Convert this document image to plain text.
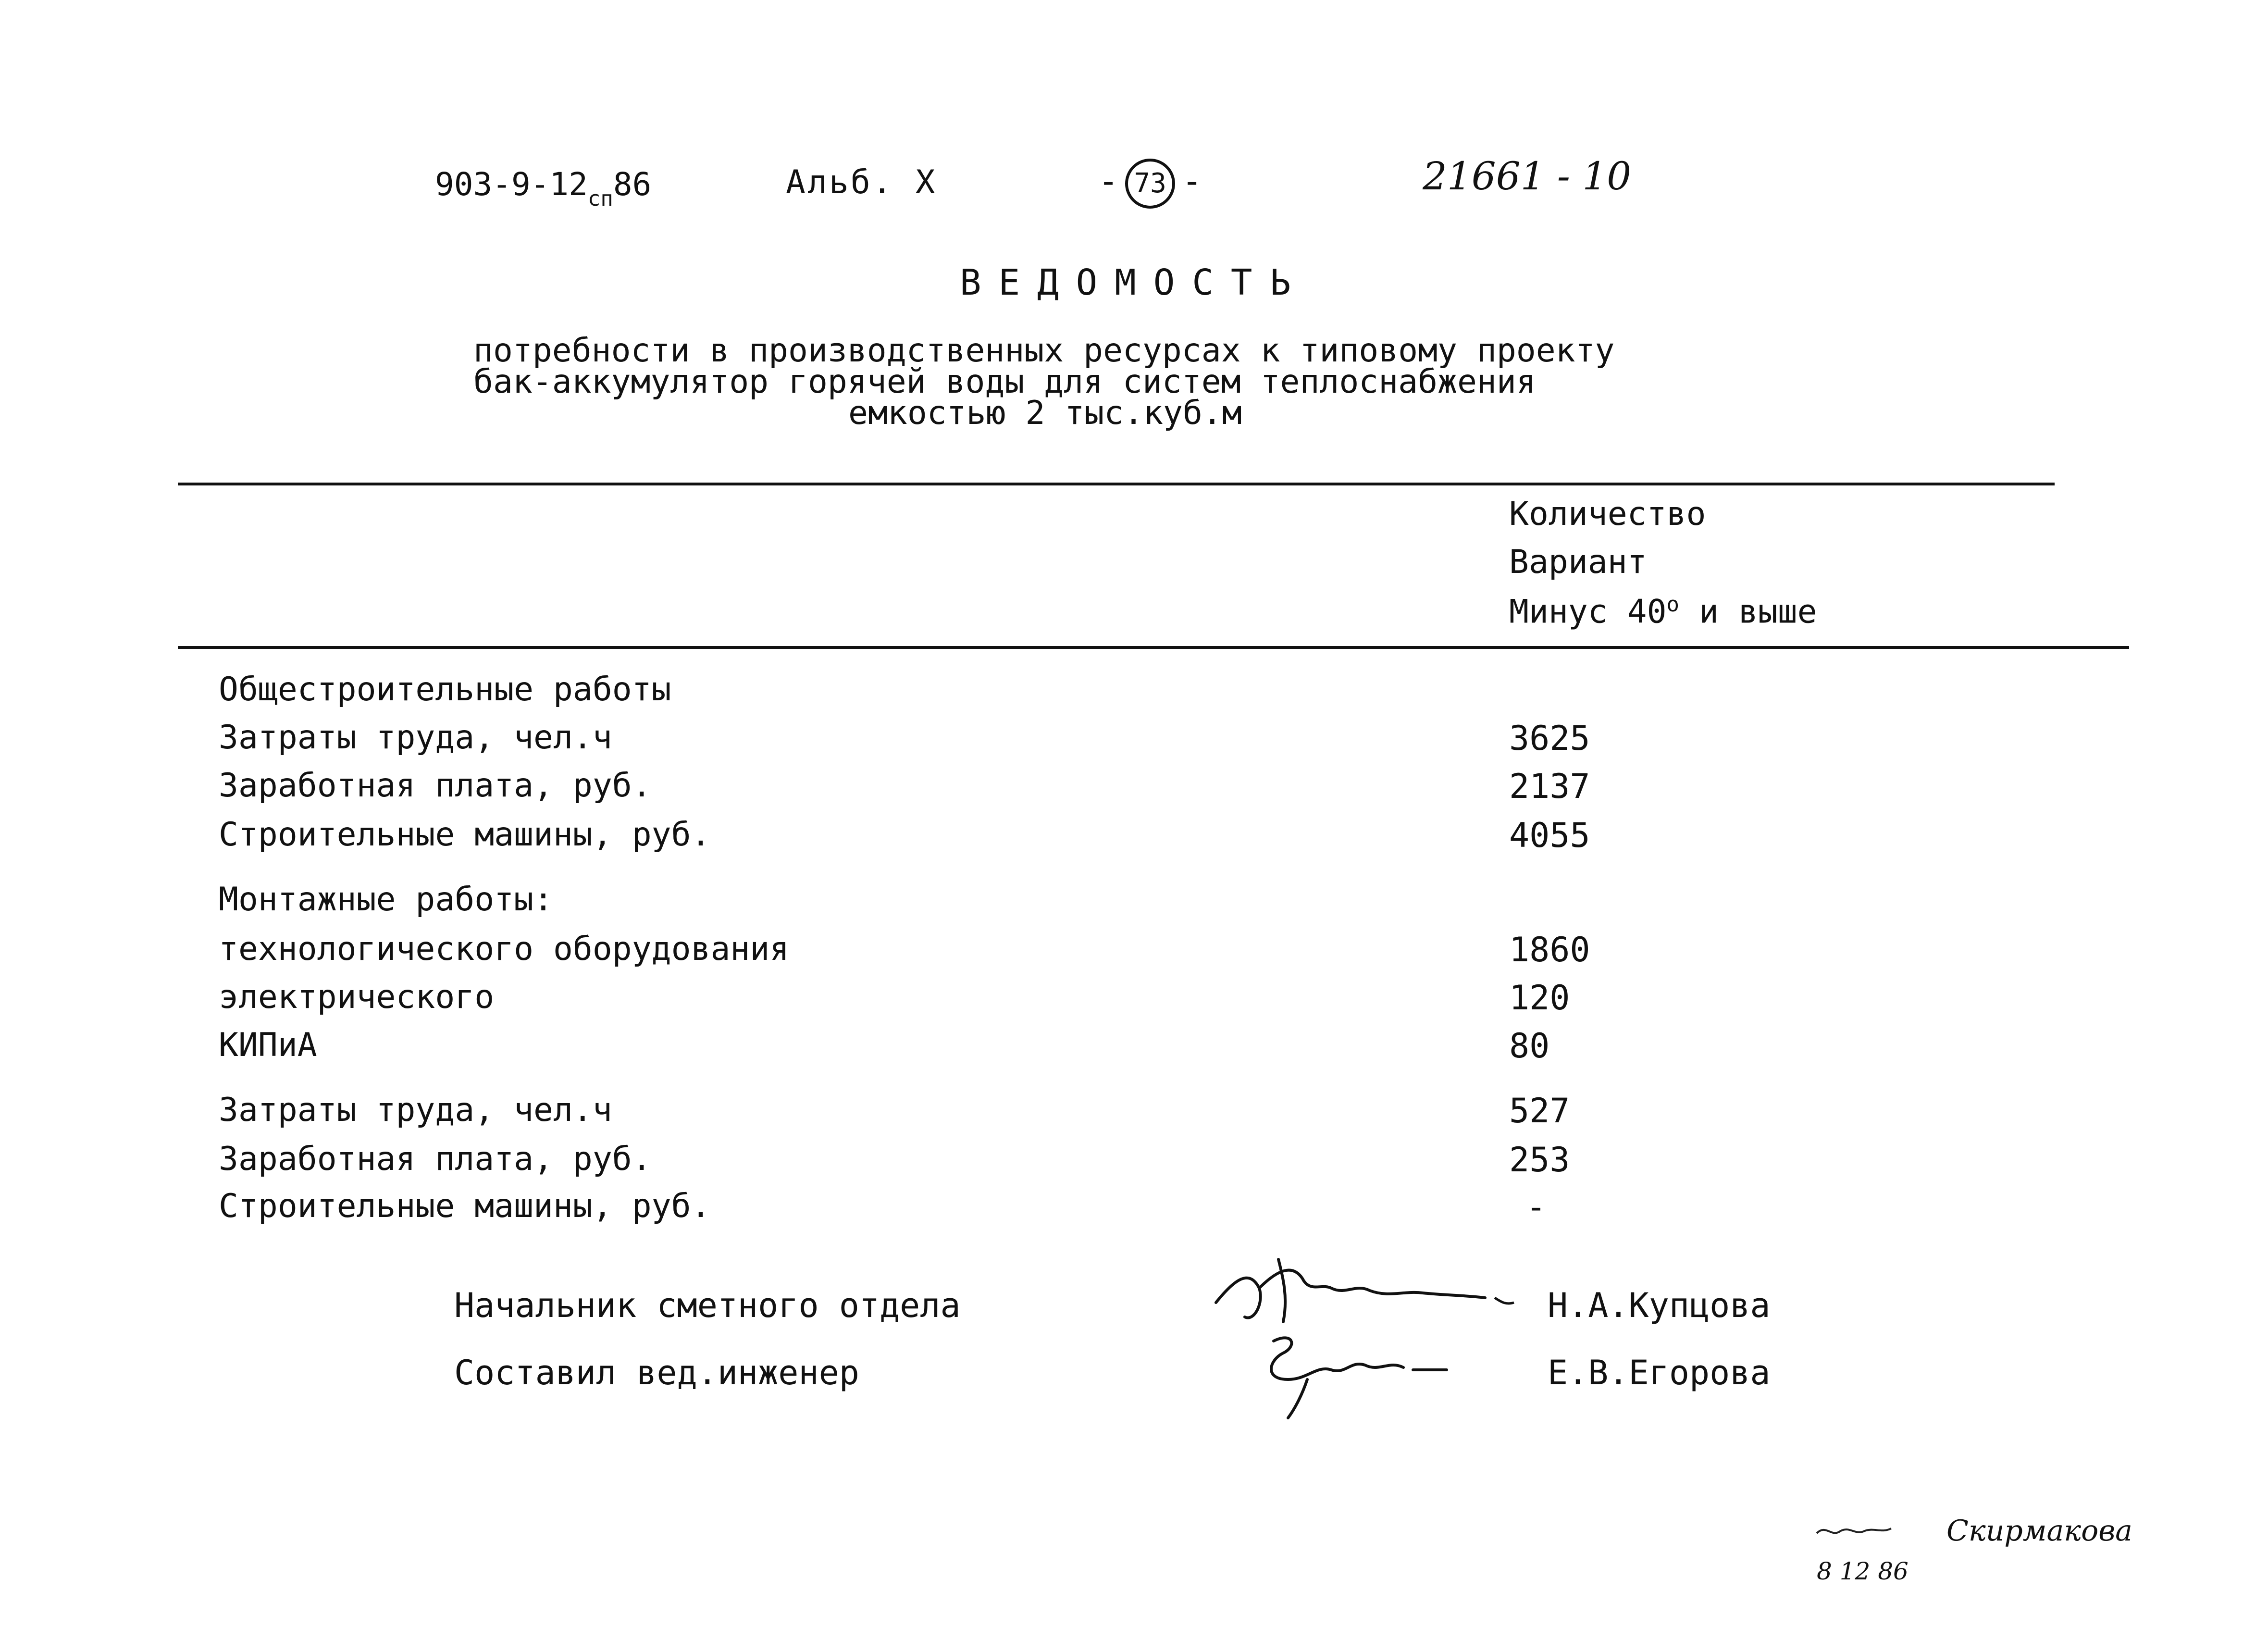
$903-9-12_{сп}86$	Альб. X	- 73 -	21661 - 10
ВЕДОМОСТЬ
потребности в производственных ресурсах к типовому проекту
бак-аккумулятор горячей воды для систем теплоснабжения
емкостью 2 тыс.куб.м
Количество
Вариант
Минус $40^о$ и выше
Общестроительные работы
Затраты труда, чел.ч	3625
Заработная плата, руб.	2137
Строительные машины, руб.	4055
Монтажные работы:
технологического оборудования	1860
электрического	120
КИПиА	80
Затраты труда, чел.ч	527
Заработная плата, руб.	253
Строительные машины, руб.	-
Начальник сметного отдела	Н.А.Купцова
Составил вед.инженер	Е.В.Егорова
Скирмакова
8 12 86
